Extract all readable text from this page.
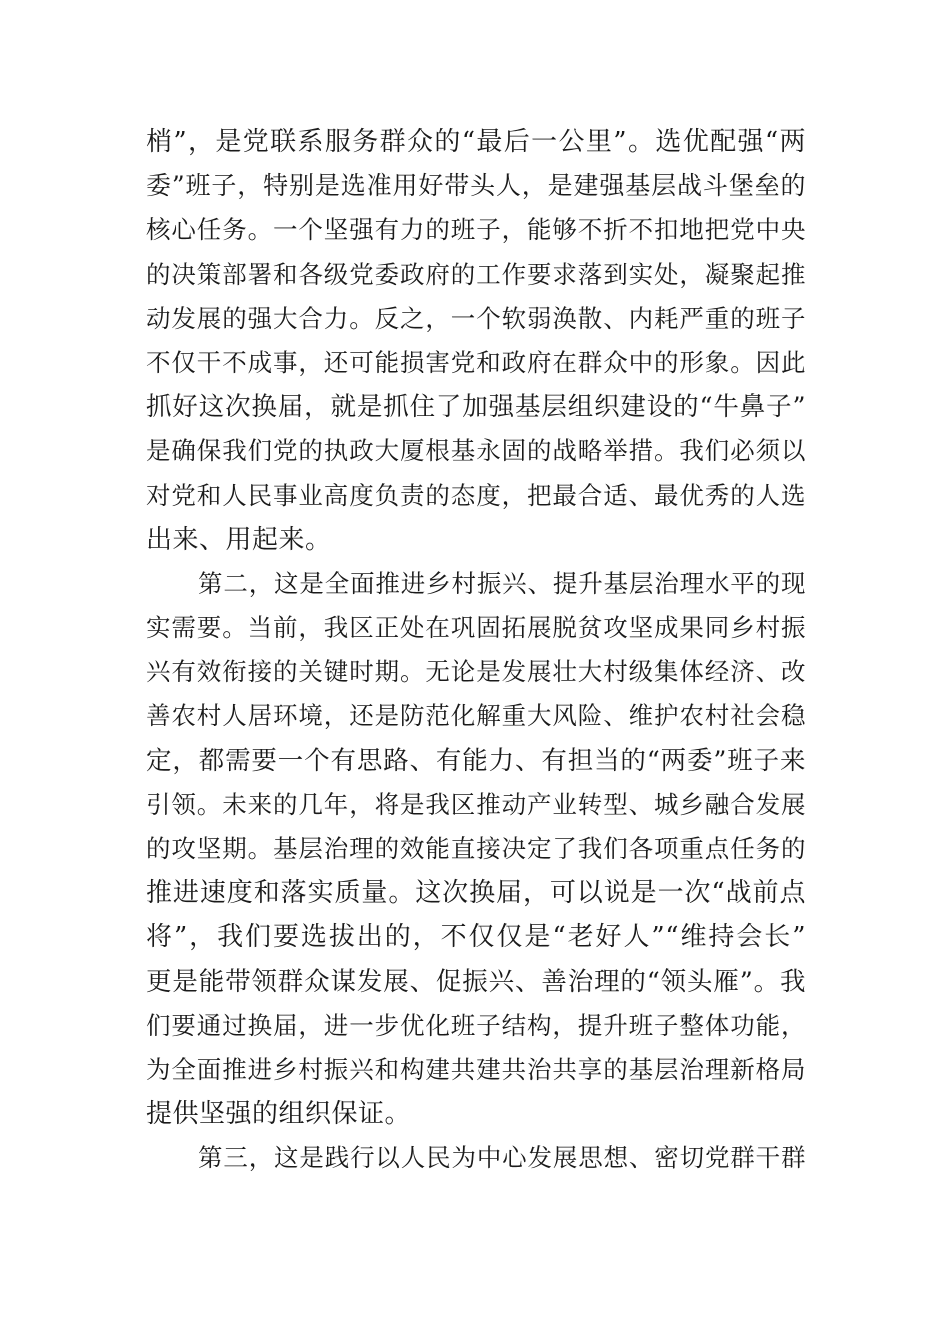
梢”，是党联系服务群众的“最后一公里”。选优配强“两
委”班子，特别是选准用好带头人，是建强基层战斗堡垒的
核心任务。一个坚强有力的班子，能够不折不扣地把党中央
的决策部署和各级党委政府的工作要求落到实处，凝聚起推
动发展的强大合力。反之，一个软弱涣散、内耗严重的班子
不仅干不成事，还可能损害党和政府在群众中的形象。因此
抓好这次换届，就是抓住了加强基层组织建设的“牛鼻子”
是确保我们党的执政大厦根基永固的战略举措。我们必须以
对党和人民事业高度负责的态度，把最合适、最优秀的人选
出来、用起来。
第二，这是全面推进乡村振兴、提升基层治理水平的现
实需要。当前，我区正处在巩固拓展脱贫攻坚成果同乡村振
兴有效衔接的关键时期。无论是发展壮大村级集体经济、改
善农村人居环境，还是防范化解重大风险、维护农村社会稳
定，都需要一个有思路、有能力、有担当的“两委”班子来
引领。未来的几年，将是我区推动产业转型、城乡融合发展
的攻坚期。基层治理的效能直接决定了我们各项重点任务的
推进速度和落实质量。这次换届，可以说是一次“战前点
将”，我们要选拔出的，不仅仅是“老好人”“维持会长”
更是能带领群众谋发展、促振兴、善治理的“领头雁”。我
们要通过换届，进一步优化班子结构，提升班子整体功能，
为全面推进乡村振兴和构建共建共治共享的基层治理新格局
提供坚强的组织保证。
第三，这是践行以人民为中心发展思想、密切党群干群
